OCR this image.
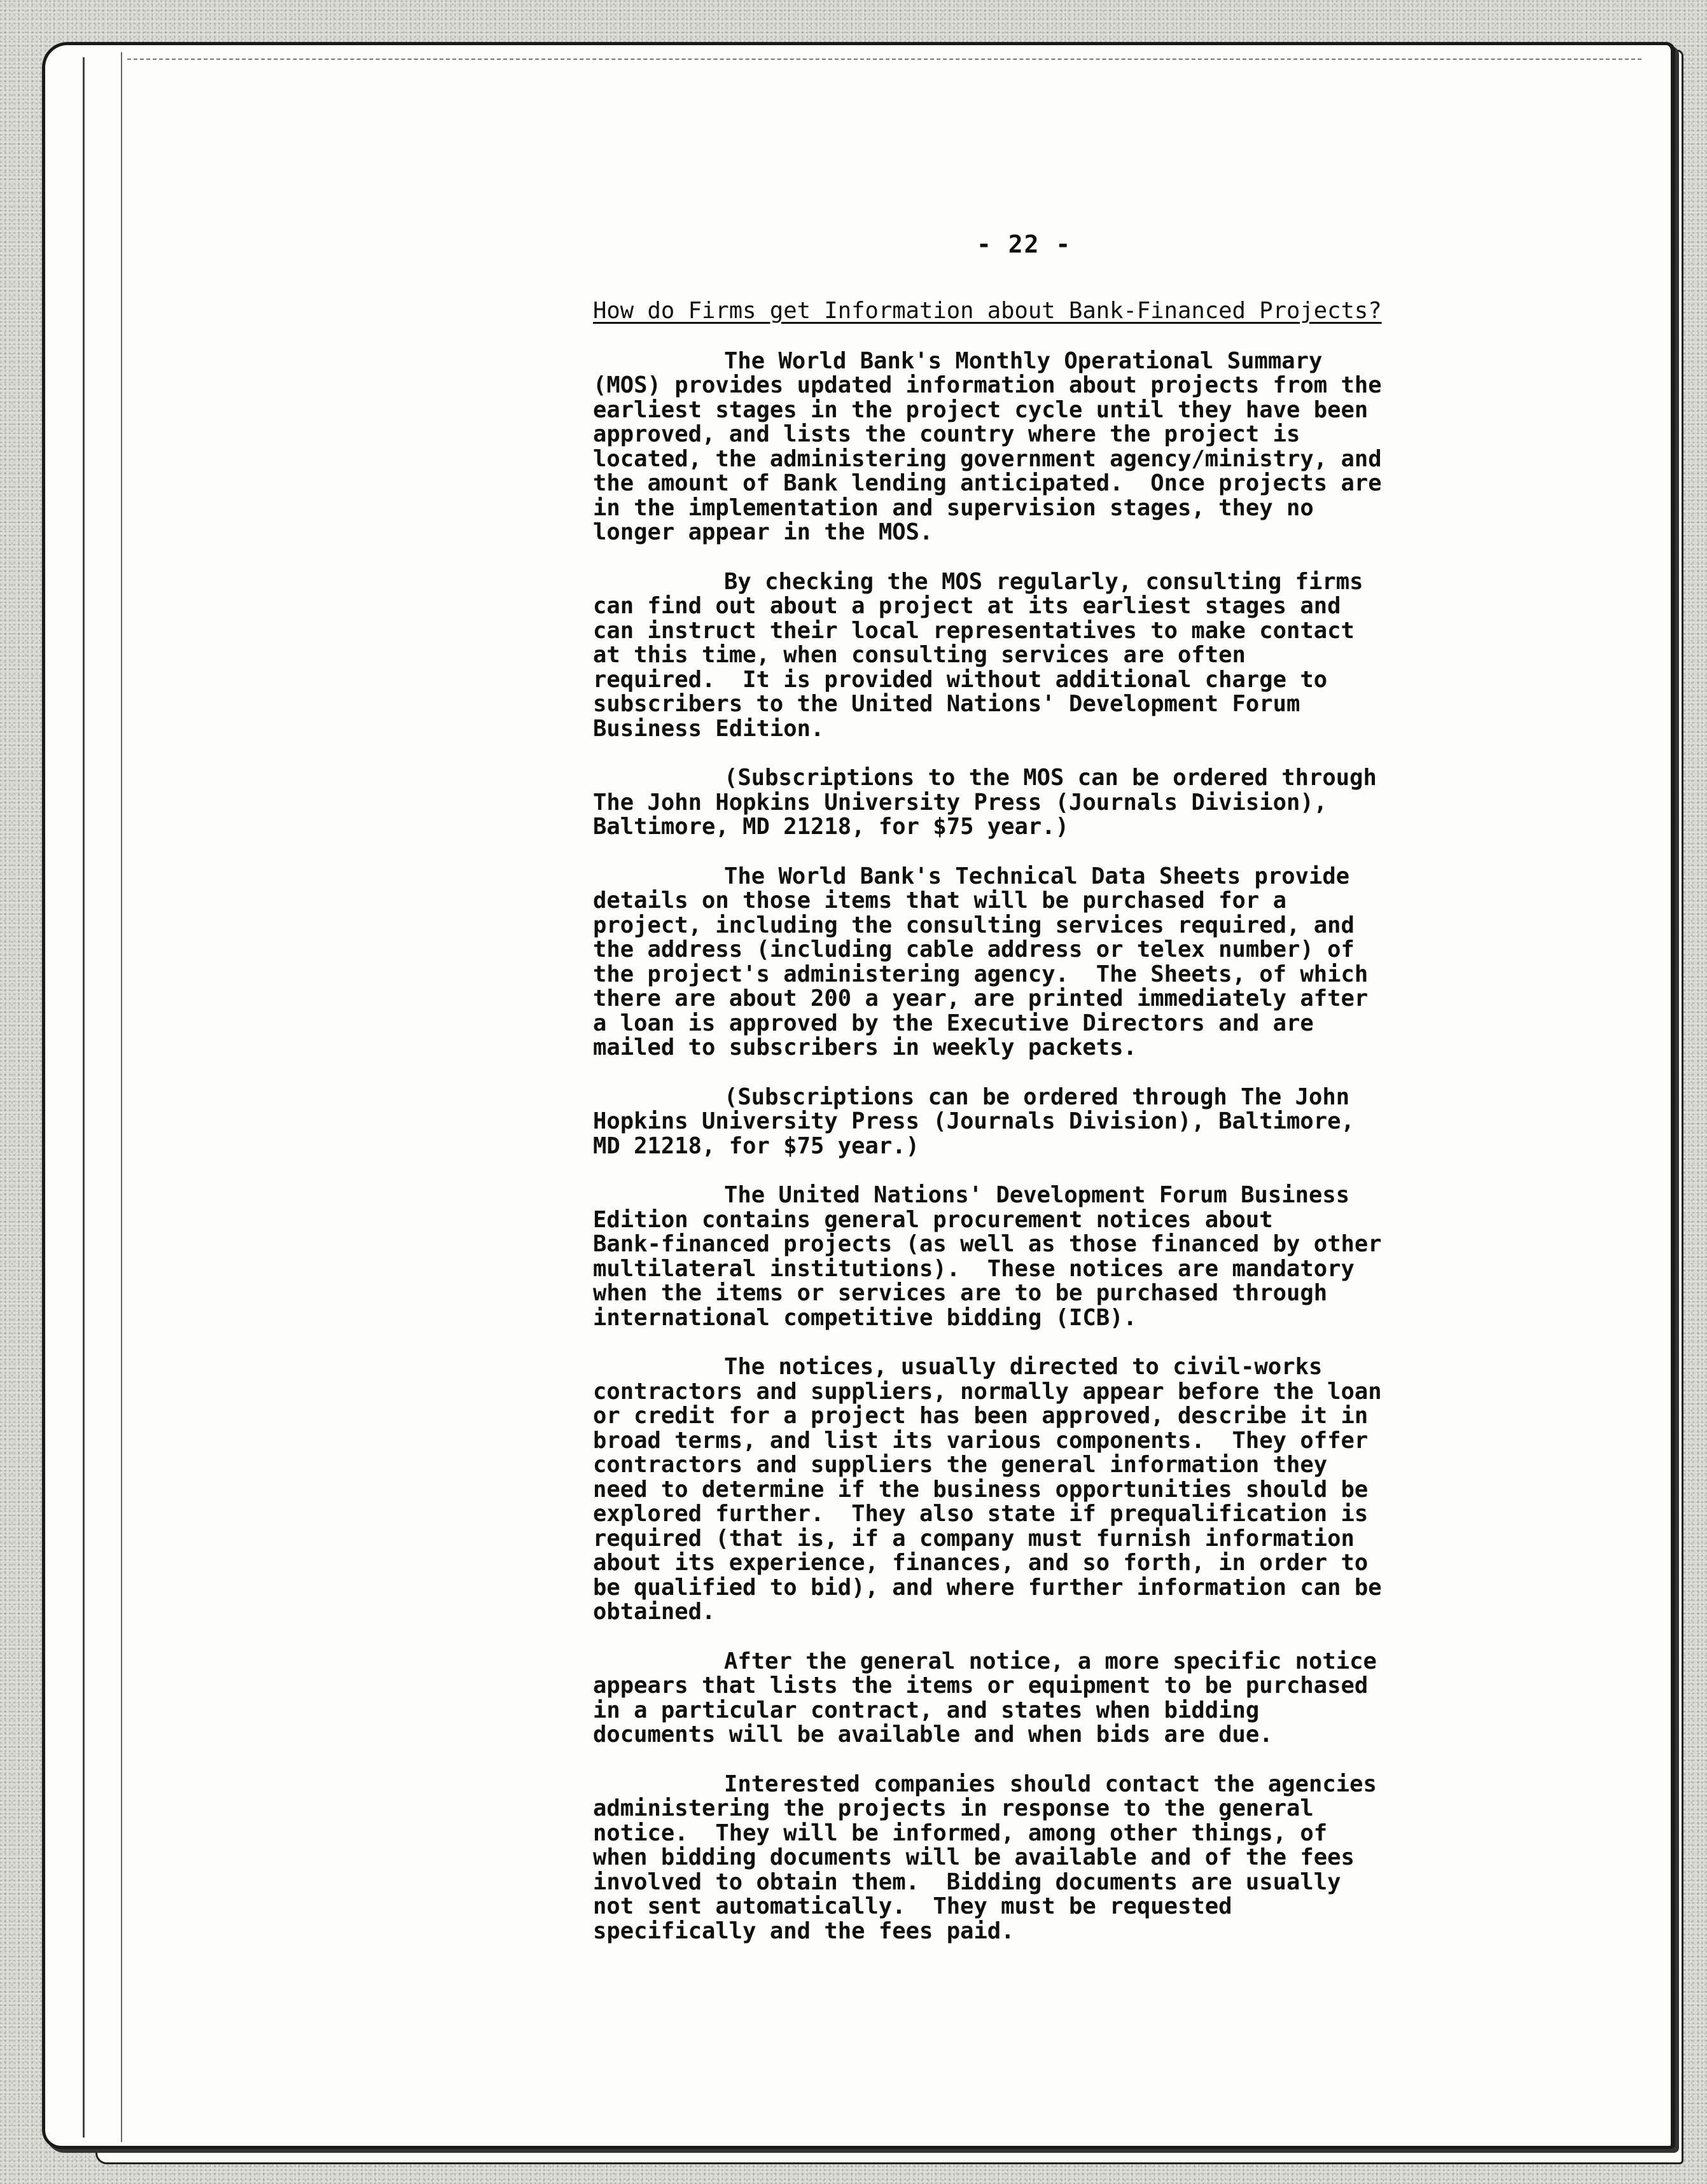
- 22 -
How do Firms get Information about Bank-Financed Projects?
The World Bank's Monthly Operational Summary
(MOS) provides updated information about projects from the
earliest stages in the project cycle until they have been
approved, and lists the country where the project is
located, the administering government agency/ministry, and
the amount of Bank lending anticipated.  Once projects are
in the implementation and supervision stages, they no
longer appear in the MOS.
By checking the MOS regularly, consulting firms
can find out about a project at its earliest stages and
can instruct their local representatives to make contact
at this time, when consulting services are often
required.  It is provided without additional charge to
subscribers to the United Nations' Development Forum
Business Edition.
(Subscriptions to the MOS can be ordered through
The John Hopkins University Press (Journals Division),
Baltimore, MD 21218, for $75 year.)
The World Bank's Technical Data Sheets provide
details on those items that will be purchased for a
project, including the consulting services required, and
the address (including cable address or telex number) of
the project's administering agency.  The Sheets, of which
there are about 200 a year, are printed immediately after
a loan is approved by the Executive Directors and are
mailed to subscribers in weekly packets.
(Subscriptions can be ordered through The John
Hopkins University Press (Journals Division), Baltimore,
MD 21218, for $75 year.)
The United Nations' Development Forum Business
Edition contains general procurement notices about
Bank-financed projects (as well as those financed by other
multilateral institutions).  These notices are mandatory
when the items or services are to be purchased through
international competitive bidding (ICB).
The notices, usually directed to civil-works
contractors and suppliers, normally appear before the loan
or credit for a project has been approved, describe it in
broad terms, and list its various components.  They offer
contractors and suppliers the general information they
need to determine if the business opportunities should be
explored further.  They also state if prequalification is
required (that is, if a company must furnish information
about its experience, finances, and so forth, in order to
be qualified to bid), and where further information can be
obtained.
After the general notice, a more specific notice
appears that lists the items or equipment to be purchased
in a particular contract, and states when bidding
documents will be available and when bids are due.
Interested companies should contact the agencies
administering the projects in response to the general
notice.  They will be informed, among other things, of
when bidding documents will be available and of the fees
involved to obtain them.  Bidding documents are usually
not sent automatically.  They must be requested
specifically and the fees paid.
